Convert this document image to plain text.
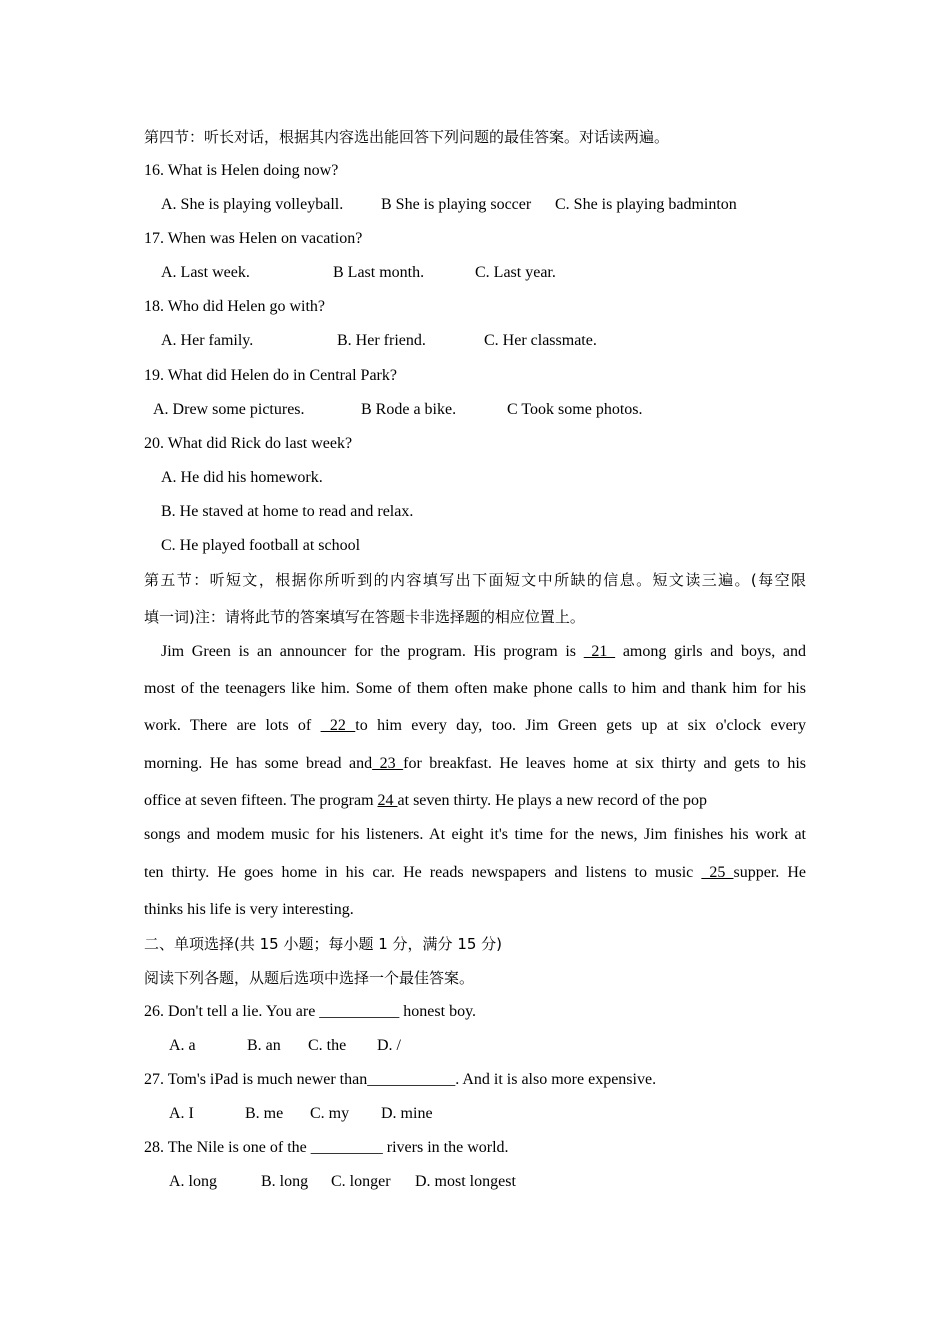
第四节：听长对话，根据其内容选出能回答下列问题的最佳答案。对话读两遍。
16. What is Helen doing now?
A. She is playing volleyball. B She is playing soccer C. She is playing badminton
17. When was Helen on vacation?
A. Last week.	B Last month.	C. Last year.
18. Who did Helen go with?
A. Her family.	B. Her friend.	C. Her classmate.
19. What did Helen do in Central Park?
A. Drew some pictures.	B Rode a bike.	C Took some photos.
20. What did Rick do last week?
A. He did his homework.
B. He staved at home to read and relax.
C. He played football at school
第五节：听短文，根据你所听到的内容填写出下面短文中所缺的信息。短文读三遍。(每空限
填一词)注：请将此节的答案填写在答题卡非选择题的相应位置上。
Jim Green is an announcer for the program. His program is  21  among girls and boys, and
most of the teenagers like him. Some of them often make phone calls to him and thank him for his
work. There are lots of  22 to him every day, too. Jim Green gets up at six o'clock every
morning. He has some bread and 23 for breakfast. He leaves home at six thirty and gets to his
office at seven fifteen. The program 24 at seven thirty. He plays a new record of the pop
songs and modem music for his listeners. At eight it's time for the news, Jim finishes his work at
ten thirty. He goes home in his car. He reads newspapers and listens to music  25 supper. He
thinks his life is very interesting.
二、单项选择(共 15 小题；每小题 1 分，满分 15 分)
阅读下列各题，从题后选项中选择一个最佳答案。
26. Don't tell a lie. You are __________ honest boy.
A. a	B. an C. the D. /
27. Tom's iPad is much newer than___________. And it is also more expensive.
A. I	B. me C. my D. mine
28. The Nile is one of the _________ rivers in the world.
A. long	B. long C. longer D. most longest
